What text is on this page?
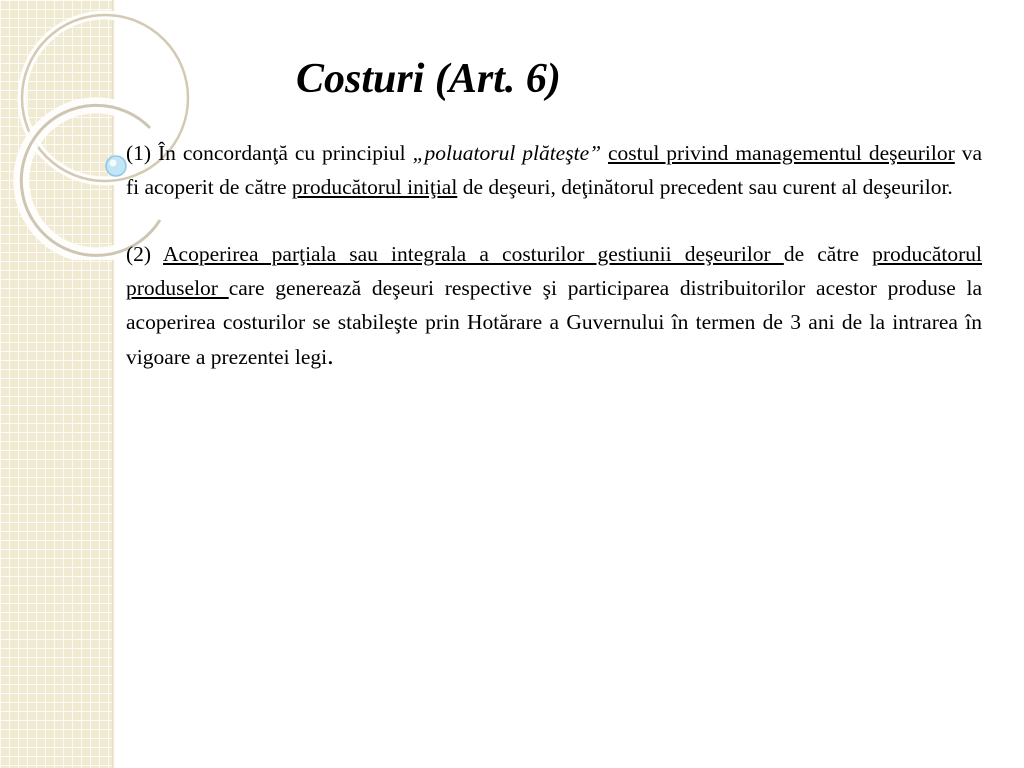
Costuri (Art. 6)

(1) În concordanţă cu principiul „poluatorul plăteşte” costul privind managementul deşeurilor va fi acoperit de către producătorul iniţial de deşeuri, deţinătorul precedent sau curent al deşeurilor.

(2) Acoperirea parţiala sau integrala a costurilor gestiunii deşeurilor de către producătorul produselor care generează deşeuri respective şi participarea distribuitorilor acestor produse la acoperirea costurilor se stabileşte prin Hotărare a Guvernului în termen de 3 ani de la intrarea în vigoare a prezentei legi.
